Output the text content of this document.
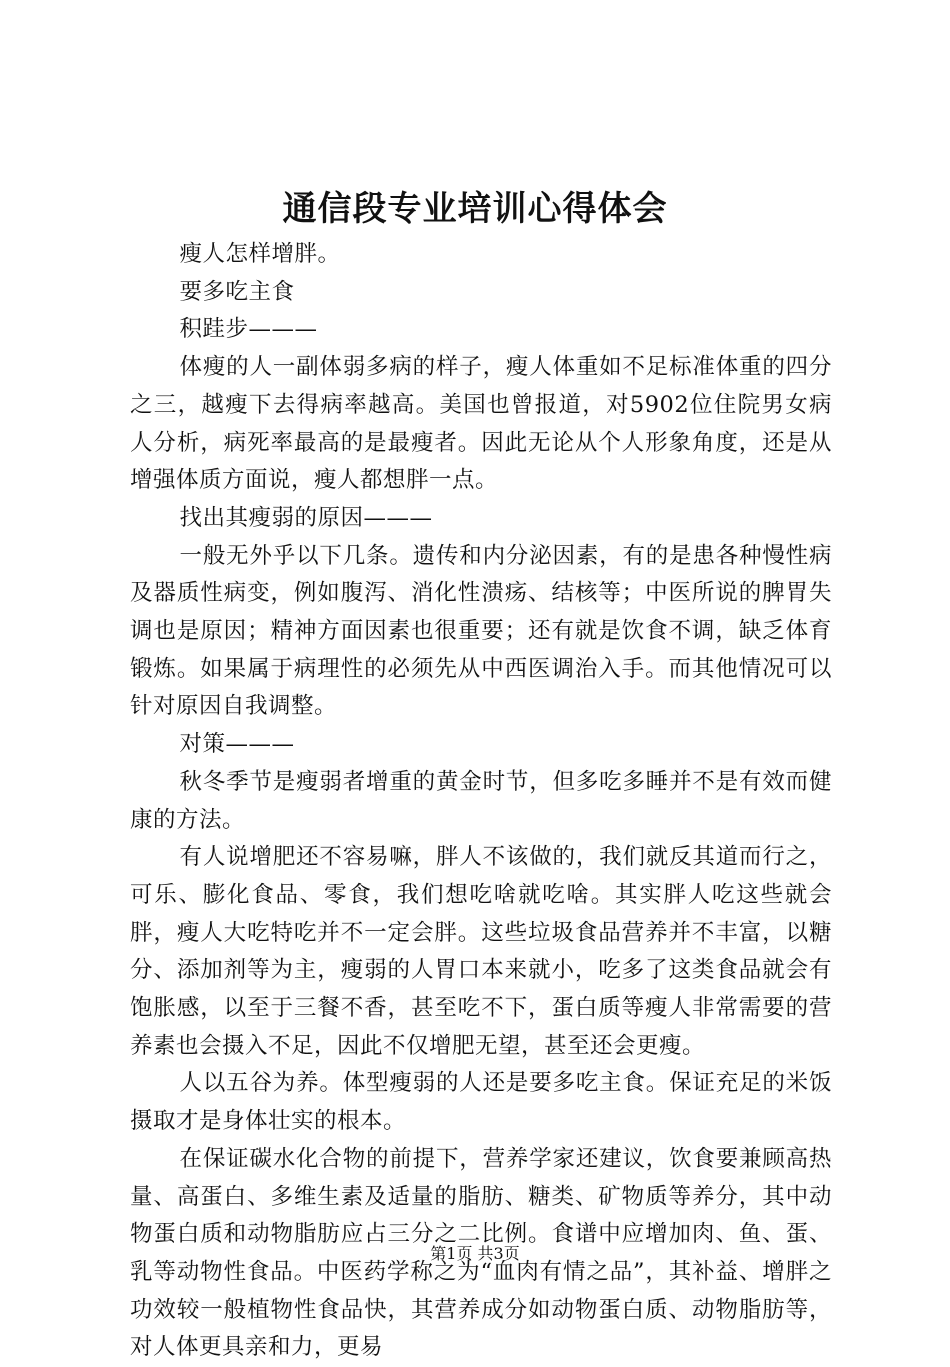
通信段专业培训心得体会

瘦人怎样增胖。

要多吃主食

积跬步———

体瘦的人一副体弱多病的样子，瘦人体重如不足标准体重的四分之三，越瘦下去得病率越高。美国也曾报道，对5902位住院男女病人分析，病死率最高的是最瘦者。因此无论从个人形象角度，还是从增强体质方面说，瘦人都想胖一点。

找出其瘦弱的原因———

一般无外乎以下几条。遗传和内分泌因素，有的是患各种慢性病及器质性病变，例如腹泻、消化性溃疡、结核等；中医所说的脾胃失调也是原因；精神方面因素也很重要；还有就是饮食不调，缺乏体育锻炼。如果属于病理性的必须先从中西医调治入手。而其他情况可以针对原因自我调整。

对策———

秋冬季节是瘦弱者增重的黄金时节，但多吃多睡并不是有效而健康的方法。

有人说增肥还不容易嘛，胖人不该做的，我们就反其道而行之，可乐、膨化食品、零食，我们想吃啥就吃啥。其实胖人吃这些就会胖，瘦人大吃特吃并不一定会胖。这些垃圾食品营养并不丰富，以糖分、添加剂等为主，瘦弱的人胃口本来就小，吃多了这类食品就会有饱胀感，以至于三餐不香，甚至吃不下，蛋白质等瘦人非常需要的营养素也会摄入不足，因此不仅增肥无望，甚至还会更瘦。

人以五谷为养。体型瘦弱的人还是要多吃主食。保证充足的米饭摄取才是身体壮实的根本。

在保证碳水化合物的前提下，营养学家还建议，饮食要兼顾高热量、高蛋白、多维生素及适量的脂肪、糖类、矿物质等养分，其中动物蛋白质和动物脂肪应占三分之二比例。食谱中应增加肉、鱼、蛋、乳等动物性食品。中医药学称之为“血肉有情之品”，其补益、增胖之功效较一般植物性食品快，其营养成分如动物蛋白质、动物脂肪等，对人体更具亲和力，更易

第1页 共3页
